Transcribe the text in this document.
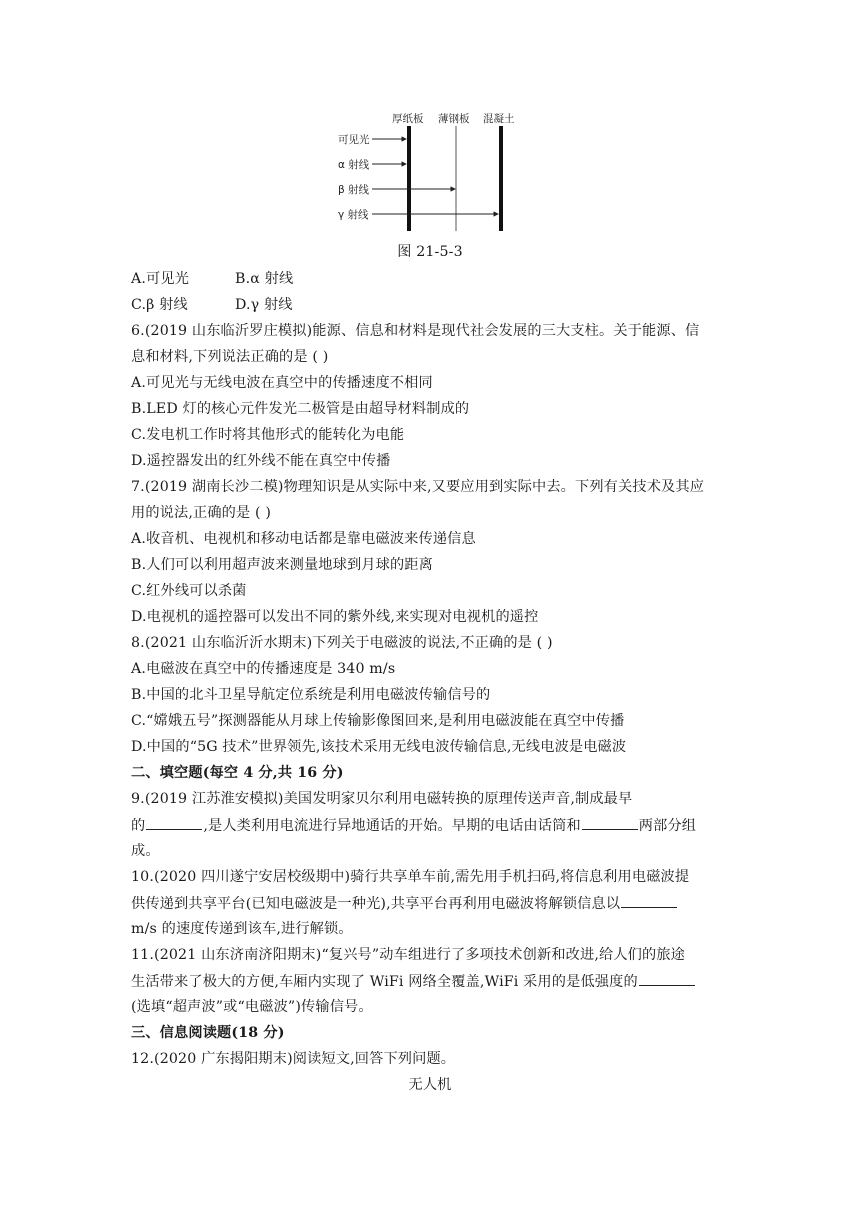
厚纸板 薄钢板 混凝土
可见光
α 射线
β 射线
γ 射线
图 21-5-3
A.可见光	B.α 射线
C.β 射线	D.γ 射线
6.(2019 山东临沂罗庄模拟)能源、信息和材料是现代社会发展的三大支柱。关于能源、信
息和材料,下列说法正确的是 ( )
A.可见光与无线电波在真空中的传播速度不相同
B.LED 灯的核心元件发光二极管是由超导材料制成的
C.发电机工作时将其他形式的能转化为电能
D.遥控器发出的红外线不能在真空中传播
7.(2019 湖南长沙二模)物理知识是从实际中来,又要应用到实际中去。下列有关技术及其应
用的说法,正确的是 ( )
A.收音机、电视机和移动电话都是靠电磁波来传递信息
B.人们可以利用超声波来测量地球到月球的距离
C.红外线可以杀菌
D.电视机的遥控器可以发出不同的紫外线,来实现对电视机的遥控
8.(2021 山东临沂沂水期末)下列关于电磁波的说法,不正确的是 ( )
A.电磁波在真空中的传播速度是 340 m/s
B.中国的北斗卫星导航定位系统是利用电磁波传输信号的
C.“嫦娥五号”探测器能从月球上传输影像图回来,是利用电磁波能在真空中传播
D.中国的“5G 技术”世界领先,该技术采用无线电波传输信息,无线电波是电磁波
二、填空题(每空 4 分,共 16 分)
9.(2019 江苏淮安模拟)美国发明家贝尔利用电磁转换的原理传送声音,制成最早
的	,是人类利用电流进行异地通话的开始。早期的电话由话筒和	两部分组
成。
10.(2020 四川遂宁安居校级期中)骑行共享单车前,需先用手机扫码,将信息利用电磁波提
供传递到共享平台(已知电磁波是一种光),共享平台再利用电磁波将解锁信息以
m/s 的速度传递到该车,进行解锁。
11.(2021 山东济南济阳期末)“复兴号”动车组进行了多项技术创新和改进,给人们的旅途
生活带来了极大的方便,车厢内实现了 WiFi 网络全覆盖,WiFi 采用的是低强度的
(选填“超声波”或“电磁波”)传输信号。
三、信息阅读题(18 分)
12.(2020 广东揭阳期末)阅读短文,回答下列问题。
无人机
